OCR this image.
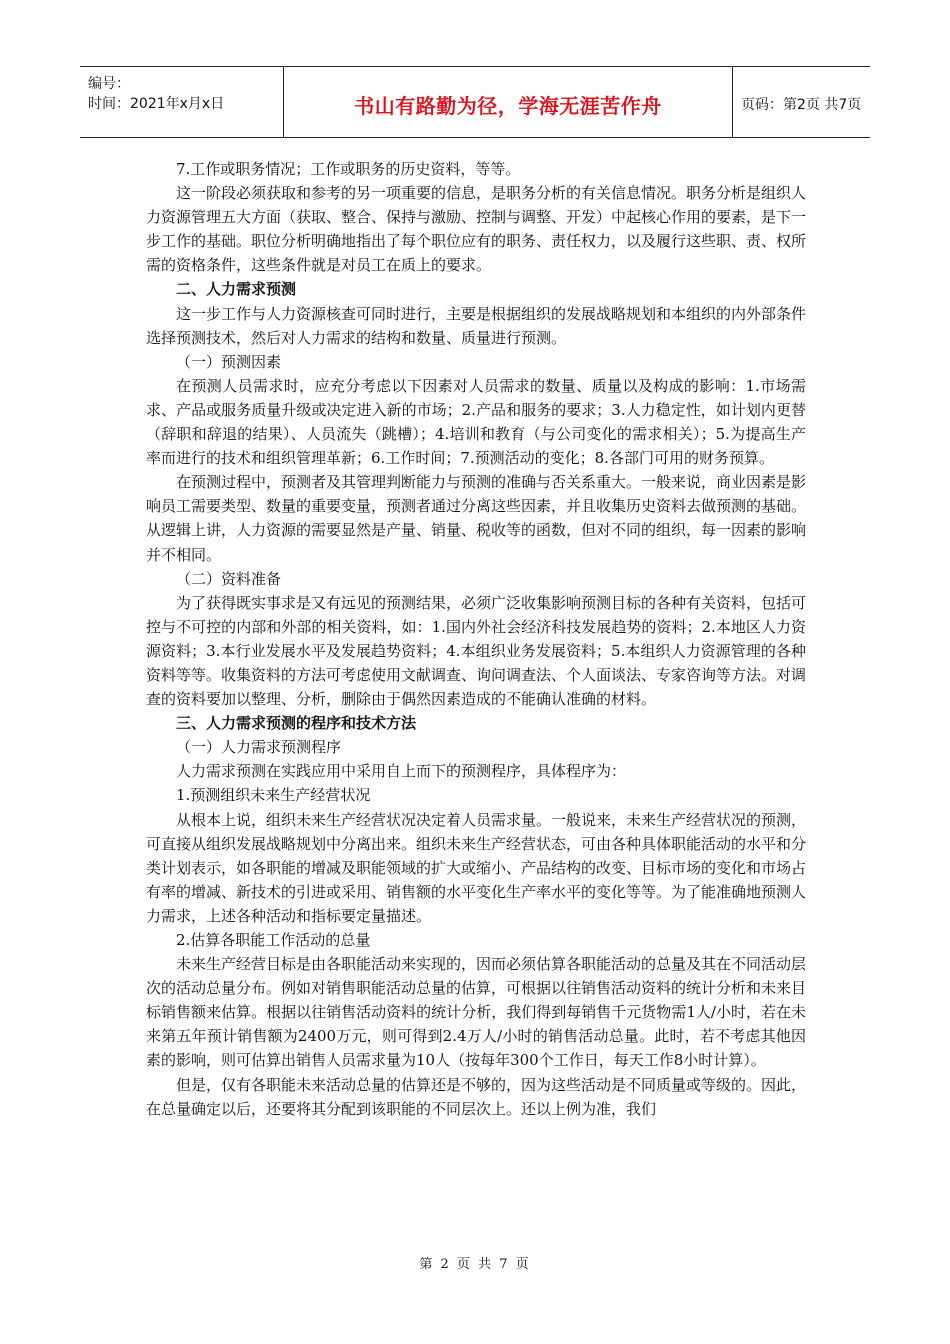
编号：
时间：2021年x月x日	书山有路勤为径，学海无涯苦作舟	页码：第2页 共7页

7.工作或职务情况；工作或职务的历史资料，等等。

这一阶段必须获取和参考的另一项重要的信息，是职务分析的有关信息情况。职务分析是组织人力资源管理五大方面（获取、整合、保持与激励、控制与调整、开发）中起核心作用的要素，是下一步工作的基础。职位分析明确地指出了每个职位应有的职务、责任权力，以及履行这些职、责、权所需的资格条件，这些条件就是对员工在质上的要求。

二、人力需求预测

这一步工作与人力资源核查可同时进行，主要是根据组织的发展战略规划和本组织的内外部条件选择预测技术，然后对人力需求的结构和数量、质量进行预测。

（一）预测因素

在预测人员需求时，应充分考虑以下因素对人员需求的数量、质量以及构成的影响：1.市场需求、产品或服务质量升级或决定进入新的市场；2.产品和服务的要求；3.人力稳定性，如计划内更替（辞职和辞退的结果）、人员流失（跳槽）；4.培训和教育（与公司变化的需求相关）；5.为提高生产率而进行的技术和组织管理革新；6.工作时间；7.预测活动的变化；8.各部门可用的财务预算。

在预测过程中，预测者及其管理判断能力与预测的准确与否关系重大。一般来说，商业因素是影响员工需要类型、数量的重要变量，预测者通过分离这些因素，并且收集历史资料去做预测的基础。从逻辑上讲，人力资源的需要显然是产量、销量、税收等的函数，但对不同的组织，每一因素的影响并不相同。

（二）资料准备

为了获得既实事求是又有远见的预测结果，必须广泛收集影响预测目标的各种有关资料，包括可控与不可控的内部和外部的相关资料，如：1.国内外社会经济科技发展趋势的资料；2.本地区人力资源资料；3.本行业发展水平及发展趋势资料；4.本组织业务发展资料；5.本组织人力资源管理的各种资料等等。收集资料的方法可考虑使用文献调查、询问调查法、个人面谈法、专家咨询等方法。对调查的资料要加以整理、分析，删除由于偶然因素造成的不能确认准确的材料。

三、人力需求预测的程序和技术方法

（一）人力需求预测程序

人力需求预测在实践应用中采用自上而下的预测程序，具体程序为：

1.预测组织未来生产经营状况

从根本上说，组织未来生产经营状况决定着人员需求量。一般说来，未来生产经营状况的预测，可直接从组织发展战略规划中分离出来。组织未来生产经营状态，可由各种具体职能活动的水平和分类计划表示，如各职能的增减及职能领域的扩大或缩小、产品结构的改变、目标市场的变化和市场占有率的增减、新技术的引进或采用、销售额的水平变化生产率水平的变化等等。为了能准确地预测人力需求，上述各种活动和指标要定量描述。

2.估算各职能工作活动的总量

未来生产经营目标是由各职能活动来实现的，因而必须估算各职能活动的总量及其在不同活动层次的活动总量分布。例如对销售职能活动总量的估算，可根据以往销售活动资料的统计分析和未来目标销售额来估算。根据以往销售活动资料的统计分析，我们得到每销售千元货物需1人/小时，若在未来第五年预计销售额为2400万元，则可得到2.4万人/小时的销售活动总量。此时，若不考虑其他因素的影响，则可估算出销售人员需求量为10人（按每年300个工作日，每天工作8小时计算）。

但是，仅有各职能未来活动总量的估算还是不够的，因为这些活动是不同质量或等级的。因此，在总量确定以后，还要将其分配到该职能的不同层次上。还以上例为准，我们

第 2 页 共 7 页
